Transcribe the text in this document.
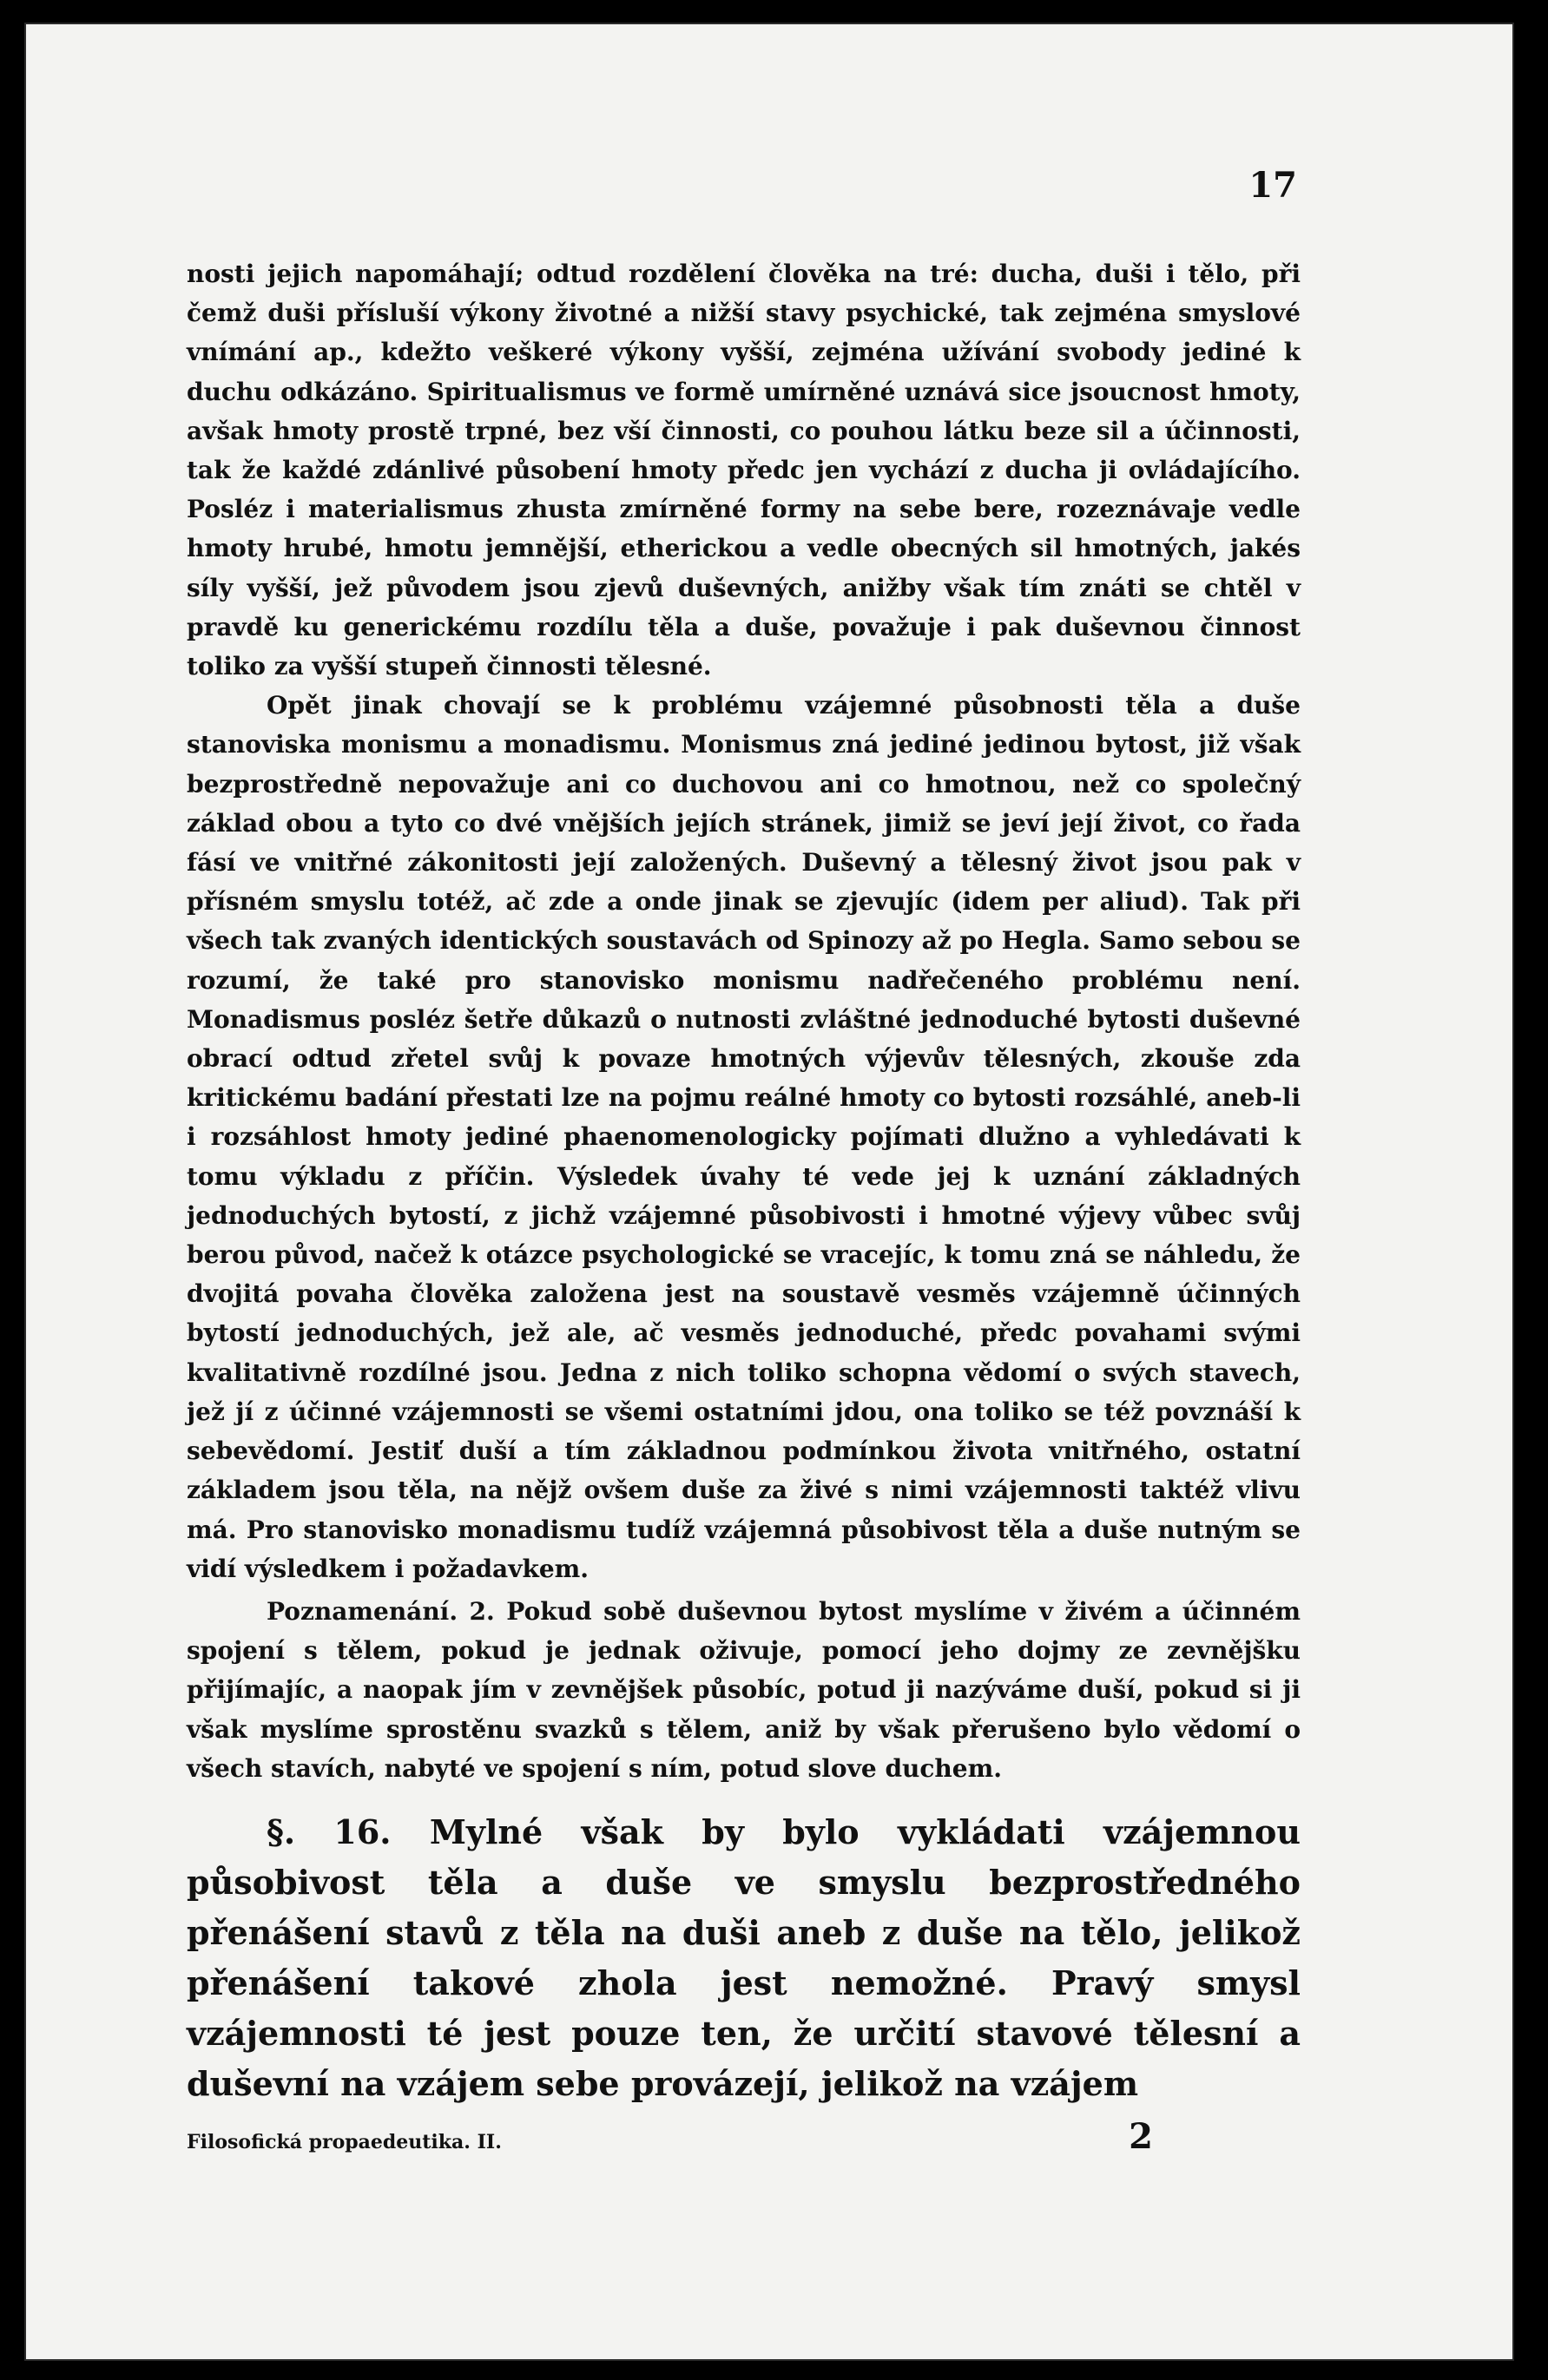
17

nosti jejich napomáhají; odtud rozdělení člověka na tré: ducha, duši i tělo, při čemž duši přísluší výkony životné a nižší stavy psychické, tak zejména smyslové vnímání ap., kdežto veškeré výkony vyšší, zejména užívání svobody jediné k duchu odkázáno. Spiritualismus ve formě umírněné uznává sice jsoucnost hmoty, avšak hmoty prostě trpné, bez vší činnosti, co pouhou látku beze sil a účinnosti, tak že každé zdánlivé působení hmoty předc jen vychází z ducha ji ovládajícího. Posléz i materialismus zhusta zmírněné formy na sebe bere, rozeznávaje vedle hmoty hrubé, hmotu jemnější, etherickou a vedle obecných sil hmotných, jakés síly vyšší, jež původem jsou zjevů duševných, anižby však tím znáti se chtěl v pravdě ku generickému rozdílu těla a duše, považuje i pak duševnou činnost toliko za vyšší stupeň činnosti tělesné.

Opět jinak chovají se k problému vzájemné působnosti těla a duše stanoviska monismu a monadismu. Monismus zná jediné jedinou bytost, již však bezprostředně nepovažuje ani co duchovou ani co hmotnou, než co společný základ obou a tyto co dvé vnějších jejích stránek, jimiž se jeví její život, co řada fásí ve vnitřné zákonitosti její založených. Duševný a tělesný život jsou pak v přísném smyslu totéž, ač zde a onde jinak se zjevujíc (idem per aliud). Tak při všech tak zvaných identických soustavách od Spinozy až po Hegla. Samo sebou se rozumí, že také pro stanovisko monismu nadřečeného problému není. Monadismus posléz šetře důkazů o nutnosti zvláštné jednoduché bytosti duševné obrací odtud zřetel svůj k povaze hmotných výjevův tělesných, zkouše zda kritickému badání přestati lze na pojmu reálné hmoty co bytosti rozsáhlé, aneb-li i rozsáhlost hmoty jediné phaenomenologicky pojímati dlužno a vyhledávati k tomu výkladu z příčin. Výsledek úvahy té vede jej k uznání základných jednoduchých bytostí, z jichž vzájemné působivosti i hmotné výjevy vůbec svůj berou původ, načež k otázce psychologické se vracejíc, k tomu zná se náhledu, že dvojitá povaha člověka založena jest na soustavě vesměs vzájemně účinných bytostí jednoduchých, jež ale, ač vesměs jednoduché, předc povahami svými kvalitativně rozdílné jsou. Jedna z nich toliko schopna vědomí o svých stavech, jež jí z účinné vzájemnosti se všemi ostatními jdou, ona toliko se též povznáší k sebevědomí. Jestiť duší a tím základnou podmínkou života vnitřného, ostatní základem jsou těla, na nějž ovšem duše za živé s nimi vzájemnosti taktéž vlivu má. Pro stanovisko monadismu tudíž vzájemná působivost těla a duše nutným se vidí výsledkem i požadavkem.

Poznamenání. 2. Pokud sobě duševnou bytost myslíme v živém a účinném spojení s tělem, pokud je jednak oživuje, pomocí jeho dojmy ze zevnějšku přijímajíc, a naopak jím v zevnějšek působíc, potud ji nazýváme duší, pokud si ji však myslíme sprostěnu svazků s tělem, aniž by však přerušeno bylo vědomí o všech stavích, nabyté ve spojení s ním, potud slove duchem.

§. 16. Mylné však by bylo vykládati vzájemnou působivost těla a duše ve smyslu bezprostředného přenášení stavů z těla na duši aneb z duše na tělo, jelikož přenášení takové zhola jest nemožné. Pravý smysl vzájemnosti té jest pouze ten, že určití stavové tělesní a duševní na vzájem sebe provázejí, jelikož na vzájem

Filosofická propaedeutika. II.	2
